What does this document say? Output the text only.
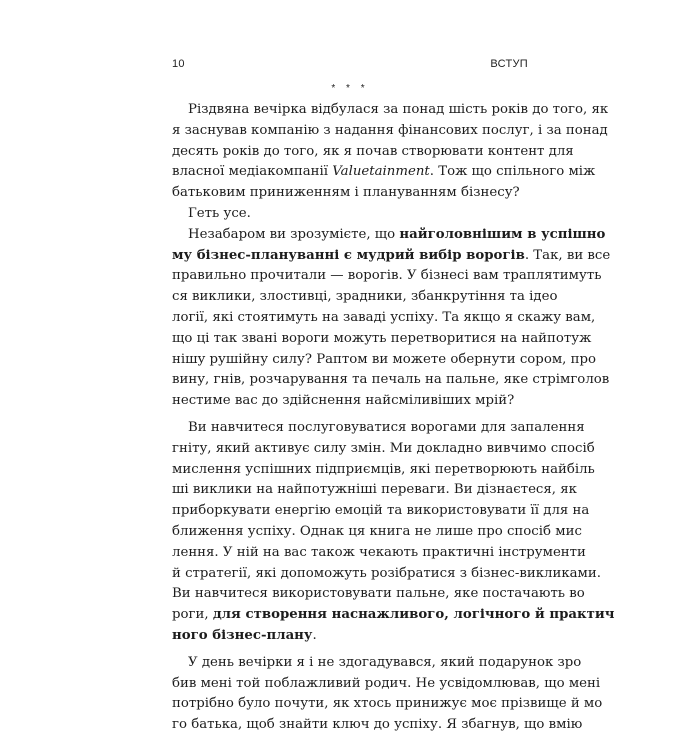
10	ВСТУП
* * *
Різдвяна вечірка відбулася за понад шість років до того, як
я заснував компанію з надання фінансових послуг, і за понад
десять років до того, як я почав створювати контент для
власної медіакомпанії Valuetainment. Тож що спільного між
батьковим приниженням і плануванням бізнесу?
Геть усе.
Незабаром ви зрозумієте, що найголовнішим в успішно
му бізнес-плануванні є мудрий вибір ворогів. Так, ви все
правильно прочитали — ворогів. У бізнесі вам траплятимуть
ся виклики, злостивці, зрадники, збанкрутіння та ідео
логії, які стоятимуть на заваді успіху. Та якщо я скажу вам,
що ці так звані вороги можуть перетворитися на найпотуж
нішу рушійну силу? Раптом ви можете обернути сором, про
вину, гнів, розчарування та печаль на пальне, яке стрімголов
нестиме вас до здійснення найсміливіших мрій?
Ви навчитеся послуговуватися ворогами для запалення
гніту, який активує силу змін. Ми докладно вивчимо спосіб
мислення успішних підприємців, які перетворюють найбіль
ші виклики на найпотужніші переваги. Ви дізнаєтеся, як
приборкувати енергію емоцій та використовувати її для на
ближення успіху. Однак ця книга не лише про спосіб мис
лення. У ній на вас також чекають практичні інструменти
й стратегії, які допоможуть розібратися з бізнес-викликами.
Ви навчитеся використовувати пальне, яке постачають во
роги, для створення наснажливого, логічного й практич
ного бізнес-плану.
У день вечірки я і не здогадувався, який подарунок зро
бив мені той поблажливий родич. Не усвідомлював, що мені
потрібно було почути, як хтось принижує моє прізвище й мо
го батька, щоб знайти ключ до успіху. Я збагнув, що вмію
